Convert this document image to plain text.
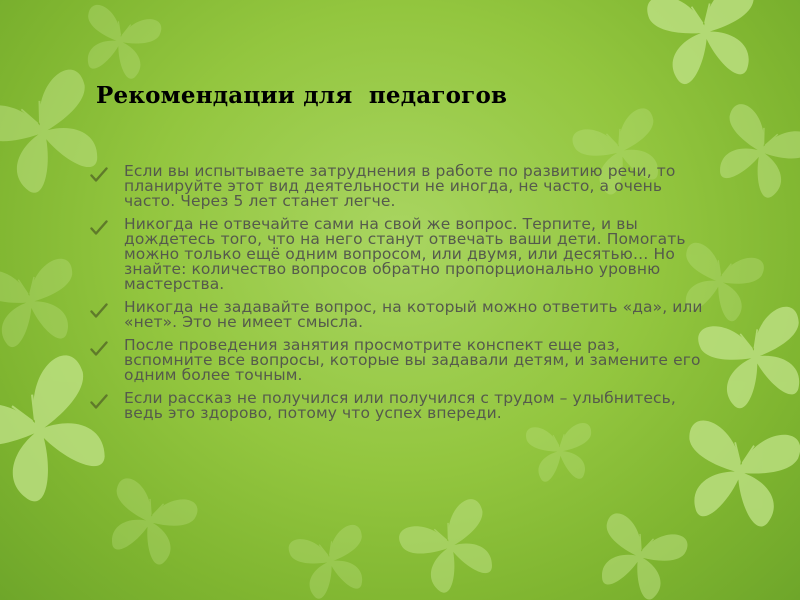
Рекомендации для  педагогов
Если вы испытываете затруднения в работе по развитию речи, то планируйте этот вид деятельности не иногда, не часто, а очень часто. Через 5 лет станет легче.
Никогда не отвечайте сами на свой же вопрос. Терпите, и вы дождетесь того, что на него станут отвечать ваши дети. Помогать можно только ещё одним вопросом, или двумя, или десятью… Но знайте: количество вопросов обратно пропорционально уровню мастерства.
Никогда не задавайте вопрос, на который можно ответить «да», или «нет». Это не имеет смысла.
После проведения занятия просмотрите конспект еще раз, вспомните все вопросы, которые вы задавали детям, и замените его одним более точным.
Если рассказ не получился или получился с трудом – улыбнитесь, ведь это здорово, потому что успех впереди.
